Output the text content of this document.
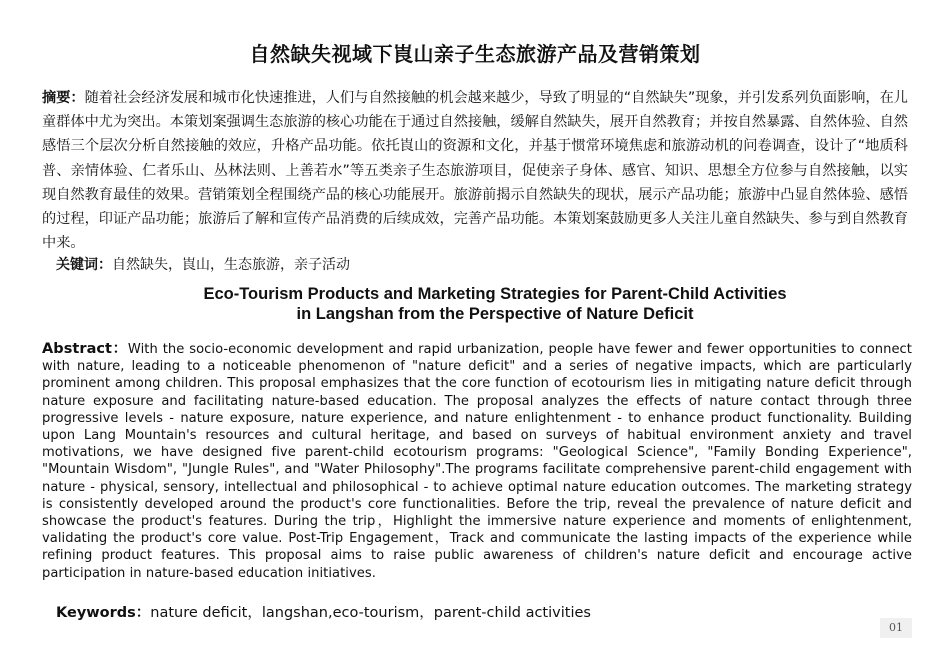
自然缺失视域下崀山亲子生态旅游产品及营销策划
摘要：随着社会经济发展和城市化快速推进，人们与自然接触的机会越来越少，导致了明显的“自然缺失”现象，并引发系列负面影响，在儿童群体中尤为突出。本策划案强调生态旅游的核心功能在于通过自然接触，缓解自然缺失，展开自然教育；并按自然暴露、自然体验、自然感悟三个层次分析自然接触的效应，升格产品功能。依托崀山的资源和文化，并基于惯常环境焦虑和旅游动机的问卷调查，设计了“地质科普、亲情体验、仁者乐山、丛林法则、上善若水”等五类亲子生态旅游项目，促使亲子身体、感官、知识、思想全方位参与自然接触，以实现自然教育最佳的效果。营销策划全程围绕产品的核心功能展开。旅游前揭示自然缺失的现状，展示产品功能；旅游中凸显自然体验、感悟的过程，印证产品功能；旅游后了解和宣传产品消费的后续成效，完善产品功能。本策划案鼓励更多人关注儿童自然缺失、参与到自然教育中来。
关键词：自然缺失，崀山，生态旅游，亲子活动
Eco-Tourism Products and Marketing Strategies for Parent-Child Activities
in Langshan from the Perspective of Nature Deficit
Abstract：With the socio-economic development and rapid urbanization, people have fewer and fewer opportunities to connect with nature, leading to a noticeable phenomenon of "nature deficit" and a series of negative impacts, which are particularly prominent among children. This proposal emphasizes that the core function of ecotourism lies in mitigating nature deficit through nature exposure and facilitating nature-based education. The proposal analyzes the effects of nature contact through three progressive levels - nature exposure, nature experience, and nature enlightenment - to enhance product functionality. Building upon Lang Mountain's resources and cultural heritage, and based on surveys of habitual environment anxiety and travel motivations, we have designed five parent-child ecotourism programs: "Geological Science", "Family Bonding Experience", "Mountain Wisdom", "Jungle Rules", and "Water Philosophy".The programs facilitate comprehensive parent-child engagement with nature - physical, sensory, intellectual and philosophical - to achieve optimal nature education outcomes. The marketing strategy is consistently developed around the product's core functionalities. Before the trip, reveal the prevalence of nature deficit and showcase the product's features. During the trip，Highlight the immersive nature experience and moments of enlightenment, validating the product's core value. Post-Trip Engagement，Track and communicate the lasting impacts of the experience while refining product features. This proposal aims to raise public awareness of children's nature deficit and encourage active participation in nature-based education initiatives.
Keywords：nature deficit，langshan,eco-tourism，parent-child activities
01
